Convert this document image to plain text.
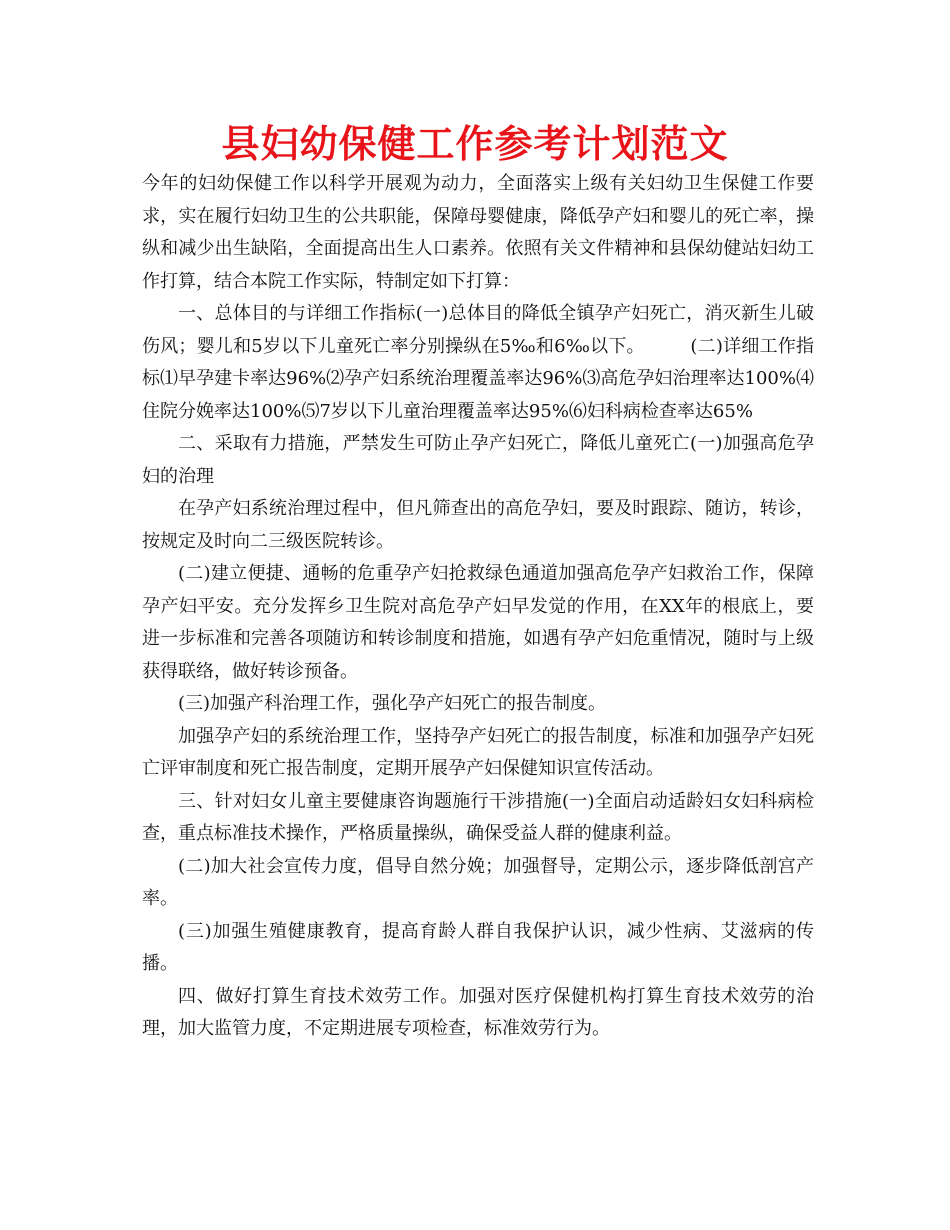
县妇幼保健工作参考计划范文

今年的妇幼保健工作以科学开展观为动力，全面落实上级有关妇幼卫生保健工作要求，实在履行妇幼卫生的公共职能，保障母婴健康，降低孕产妇和婴儿的死亡率，操纵和减少出生缺陷，全面提高出生人口素养。依照有关文件精神和县保幼健站妇幼工作打算，结合本院工作实际，特制定如下打算：

一、总体目的与详细工作指标(一)总体目的降低全镇孕产妇死亡，消灭新生儿破伤风；婴儿和5岁以下儿童死亡率分别操纵在5‰和6‰以下。　　　(二)详细工作指标⑴早孕建卡率达96%⑵孕产妇系统治理覆盖率达96%⑶高危孕妇治理率达100%⑷住院分娩率达100%⑸7岁以下儿童治理覆盖率达95%⑹妇科病检查率达65%

二、采取有力措施，严禁发生可防止孕产妇死亡，降低儿童死亡(一)加强高危孕妇的治理

在孕产妇系统治理过程中，但凡筛查出的高危孕妇，要及时跟踪、随访，转诊，按规定及时向二三级医院转诊。

(二)建立便捷、通畅的危重孕产妇抢救绿色通道加强高危孕产妇救治工作，保障孕产妇平安。充分发挥乡卫生院对高危孕产妇早发觉的作用，在XX年的根底上，要进一步标准和完善各项随访和转诊制度和措施，如遇有孕产妇危重情况，随时与上级获得联络，做好转诊预备。

(三)加强产科治理工作，强化孕产妇死亡的报告制度。

加强孕产妇的系统治理工作，坚持孕产妇死亡的报告制度，标准和加强孕产妇死亡评审制度和死亡报告制度，定期开展孕产妇保健知识宣传活动。

三、针对妇女儿童主要健康咨询题施行干涉措施(一)全面启动适龄妇女妇科病检查，重点标准技术操作，严格质量操纵，确保受益人群的健康利益。

(二)加大社会宣传力度，倡导自然分娩；加强督导，定期公示，逐步降低剖宫产率。

(三)加强生殖健康教育，提高育龄人群自我保护认识，减少性病、艾滋病的传播。

四、做好打算生育技术效劳工作。加强对医疗保健机构打算生育技术效劳的治理，加大监管力度，不定期进展专项检查，标准效劳行为。
